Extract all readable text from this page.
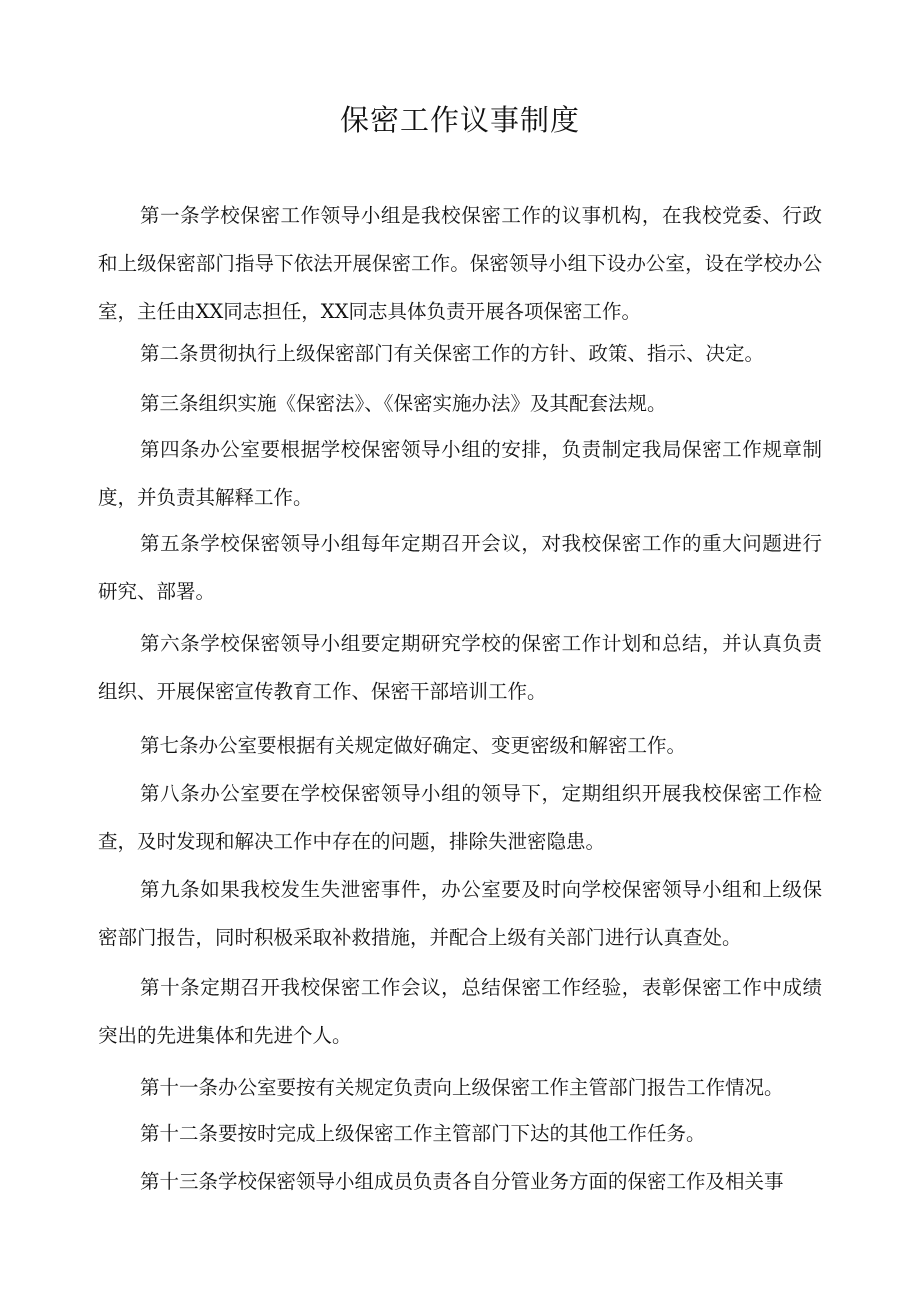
保密工作议事制度

第一条学校保密工作领导小组是我校保密工作的议事机构，在我校党委、行政和上级保密部门指导下依法开展保密工作。保密领导小组下设办公室，设在学校办公室，主任由XX同志担任，XX同志具体负责开展各项保密工作。

第二条贯彻执行上级保密部门有关保密工作的方针、政策、指示、决定。

第三条组织实施《保密法》、《保密实施办法》及其配套法规。

第四条办公室要根据学校保密领导小组的安排，负责制定我局保密工作规章制度，并负责其解释工作。

第五条学校保密领导小组每年定期召开会议，对我校保密工作的重大问题进行研究、部署。

第六条学校保密领导小组要定期研究学校的保密工作计划和总结，并认真负责组织、开展保密宣传教育工作、保密干部培训工作。

第七条办公室要根据有关规定做好确定、变更密级和解密工作。

第八条办公室要在学校保密领导小组的领导下，定期组织开展我校保密工作检查，及时发现和解决工作中存在的问题，排除失泄密隐患。

第九条如果我校发生失泄密事件，办公室要及时向学校保密领导小组和上级保密部门报告，同时积极采取补救措施，并配合上级有关部门进行认真查处。

第十条定期召开我校保密工作会议，总结保密工作经验，表彰保密工作中成绩突出的先进集体和先进个人。

第十一条办公室要按有关规定负责向上级保密工作主管部门报告工作情况。

第十二条要按时完成上级保密工作主管部门下达的其他工作任务。

第十三条学校保密领导小组成员负责各自分管业务方面的保密工作及相关事
